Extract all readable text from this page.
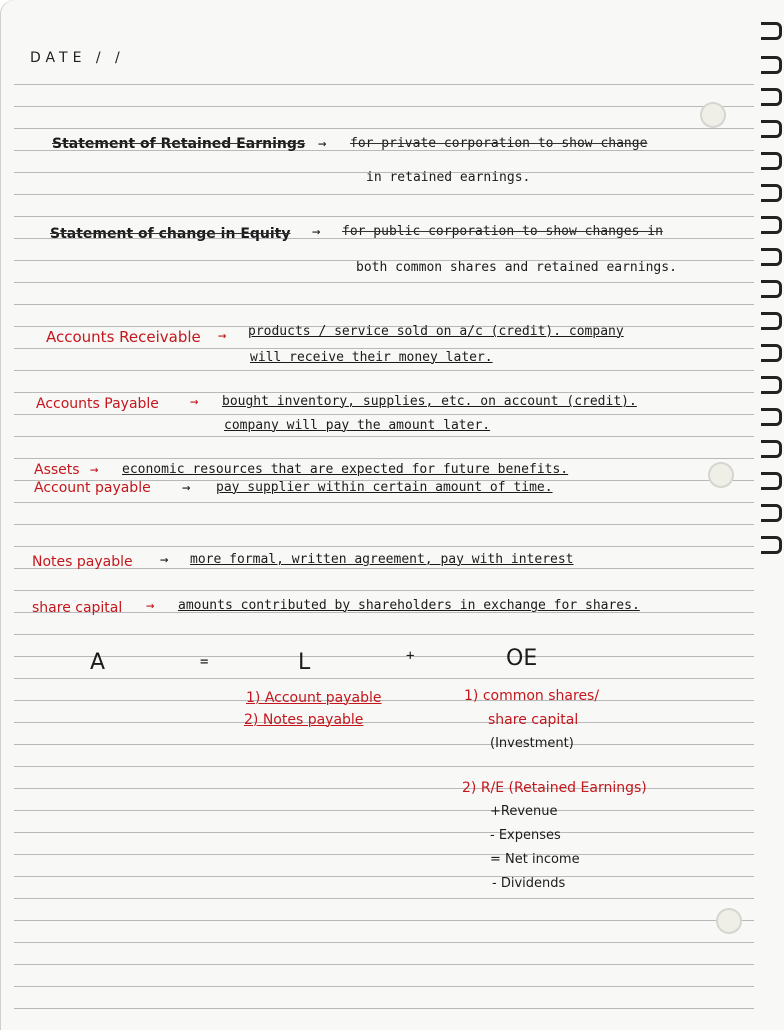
DATE / /
Statement of Retained Earnings → for private corporation to show change
in retained earnings.
Statement of change in Equity → for public corporation to show changes in
both common shares and retained earnings.
Accounts Receivable → products / service sold on a/c (credit). company
will receive their money later.
Accounts Payable → bought inventory, supplies, etc. on account (credit).
company will pay the amount later.
Assets → economic resources that are expected for future benefits.
Account payable → pay supplier within certain amount of time.
Notes payable → more formal, written agreement, pay with interest
share capital → amounts contributed by shareholders in exchange for shares.
A	=	L	+	OE
1) Account payable
2) Notes payable
1) common shares/
share capital
(Investment)
2) R/E (Retained Earnings)
+Revenue
- Expenses
= Net income
- Dividends
